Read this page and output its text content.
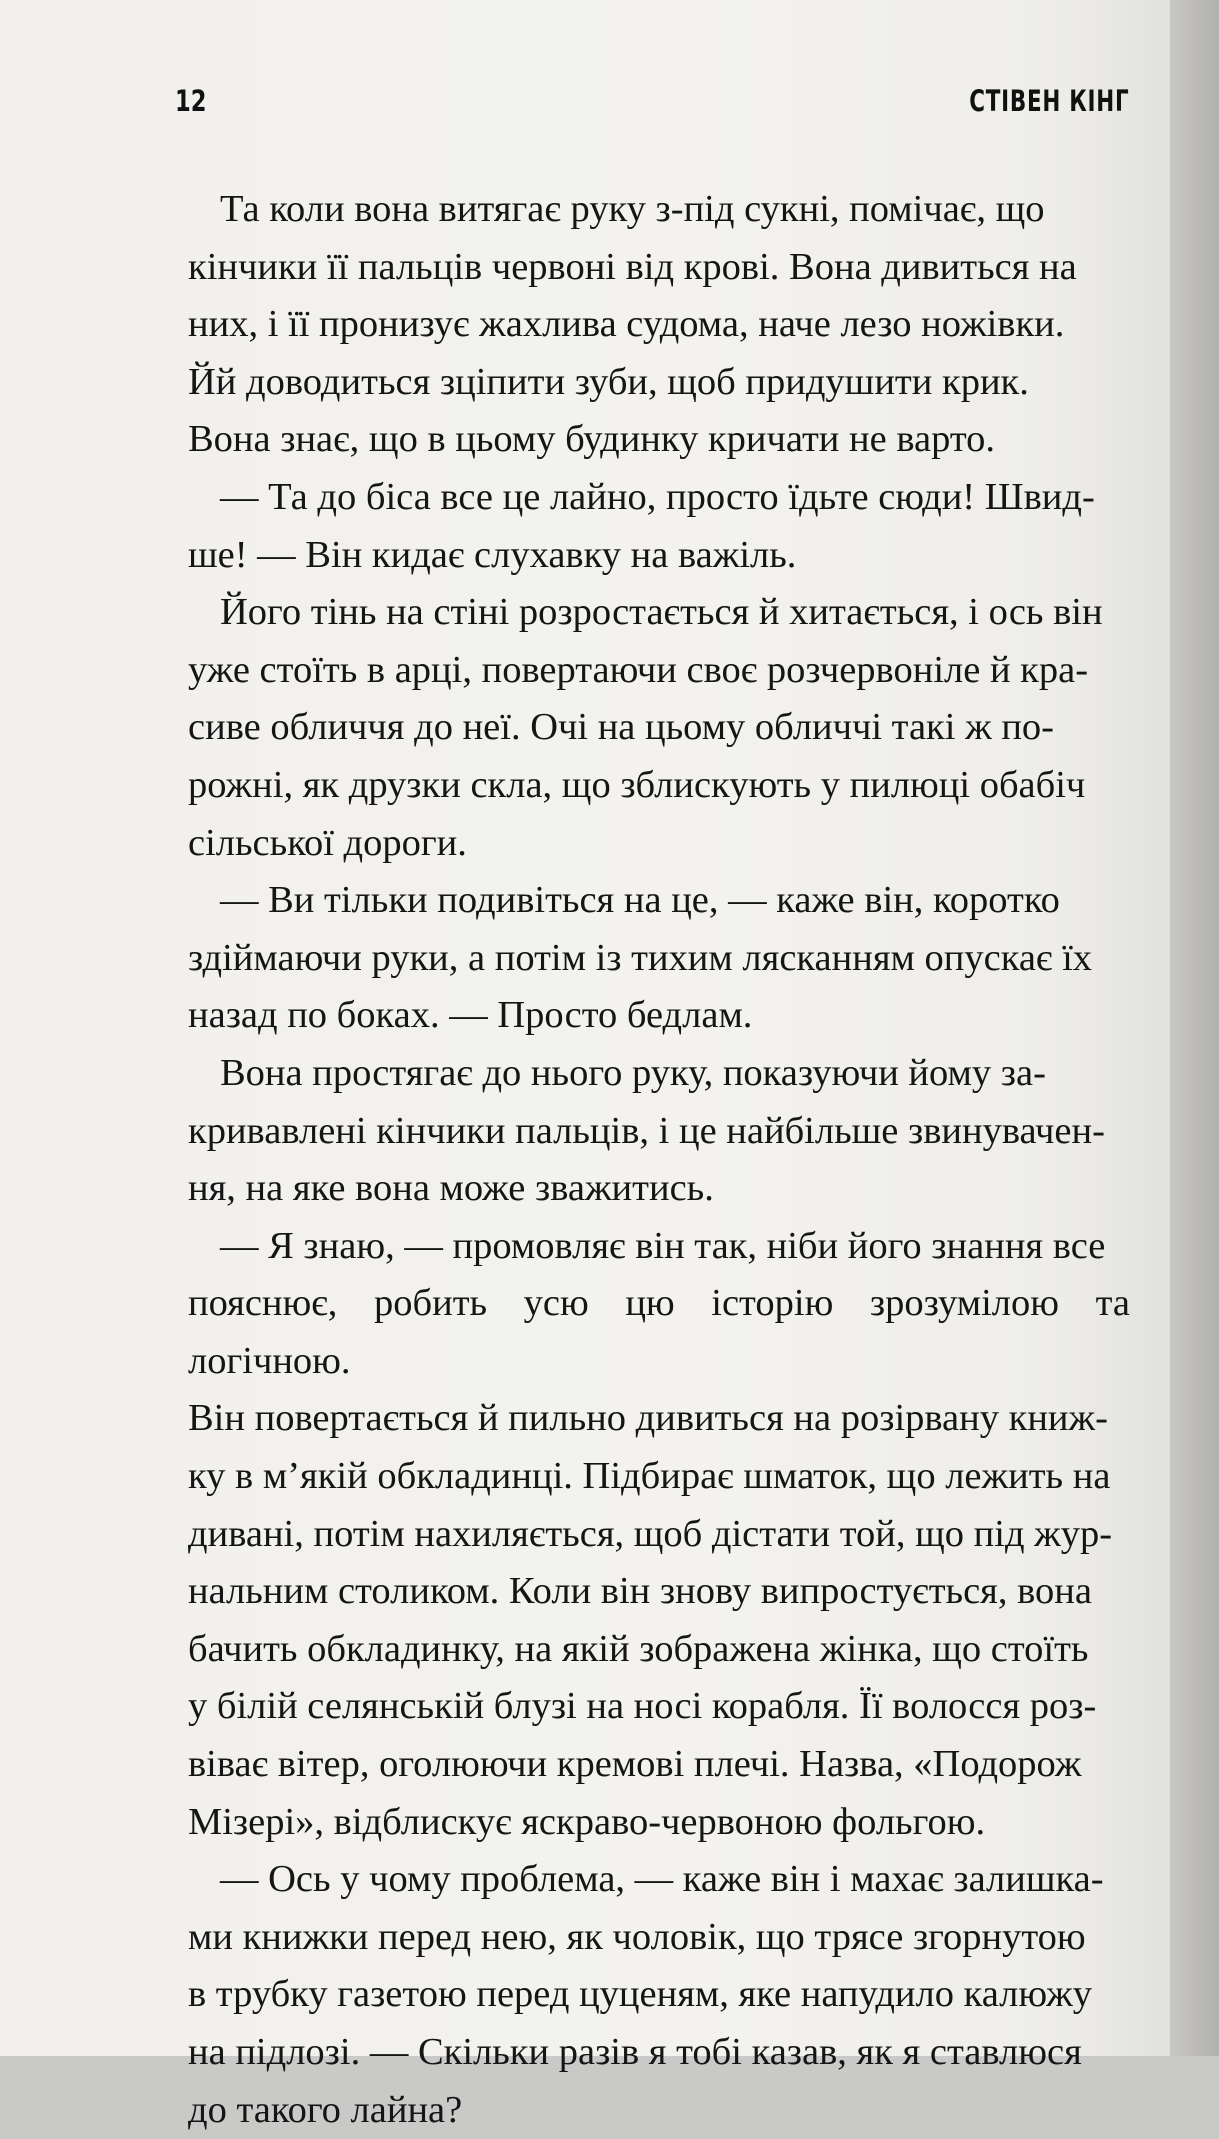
12	СТІВЕН КІНГ

Та коли вона витягає руку з-під сукні, помічає, що
кінчики її пальців червоні від крові. Вона дивиться на
них, і її пронизує жахлива судома, наче лезо ножівки.
Йй доводиться зціпити зуби, щоб придушити крик.
Вона знає, що в цьому будинку кричати не варто.

— Та до біса все це лайно, просто їдьте сюди! Швид-
ше! — Він кидає слухавку на важіль.

Його тінь на стіні розростається й хитається, і ось він
уже стоїть в арці, повертаючи своє розчервоніле й кра-
сиве обличчя до неї. Очі на цьому обличчі такі ж по-
рожні, як друзки скла, що зблискують у пилюці обабіч
сільської дороги.

— Ви тільки подивіться на це, — каже він, коротко
здіймаючи руки, а потім із тихим лясканням опускає їх
назад по боках. — Просто бедлам.

Вона простягає до нього руку, показуючи йому за-
кривавлені кінчики пальців, і це найбільше звинувачен-
ня, на яке вона може зважитись.

— Я знаю, — промовляє він так, ніби його знання все
пояснює, робить усю цю історію зрозумілою та логічною.
Він повертається й пильно дивиться на розірвану книж-
ку в м’якій обкладинці. Підбирає шматок, що лежить на
дивані, потім нахиляється, щоб дістати той, що під жур-
нальним столиком. Коли він знову випростується, вона
бачить обкладинку, на якій зображена жінка, що стоїть
у білій селянській блузі на носі корабля. Її волосся роз-
віває вітер, оголюючи кремові плечі. Назва, «Подорож
Мізері», відблискує яскраво-червоною фольгою.

— Ось у чому проблема, — каже він і махає залишка-
ми книжки перед нею, як чоловік, що трясе згорнутою
в трубку газетою перед цуценям, яке напудило калюжу
на підлозі. — Скільки разів я тобі казав, як я ставлюся
до такого лайна?
